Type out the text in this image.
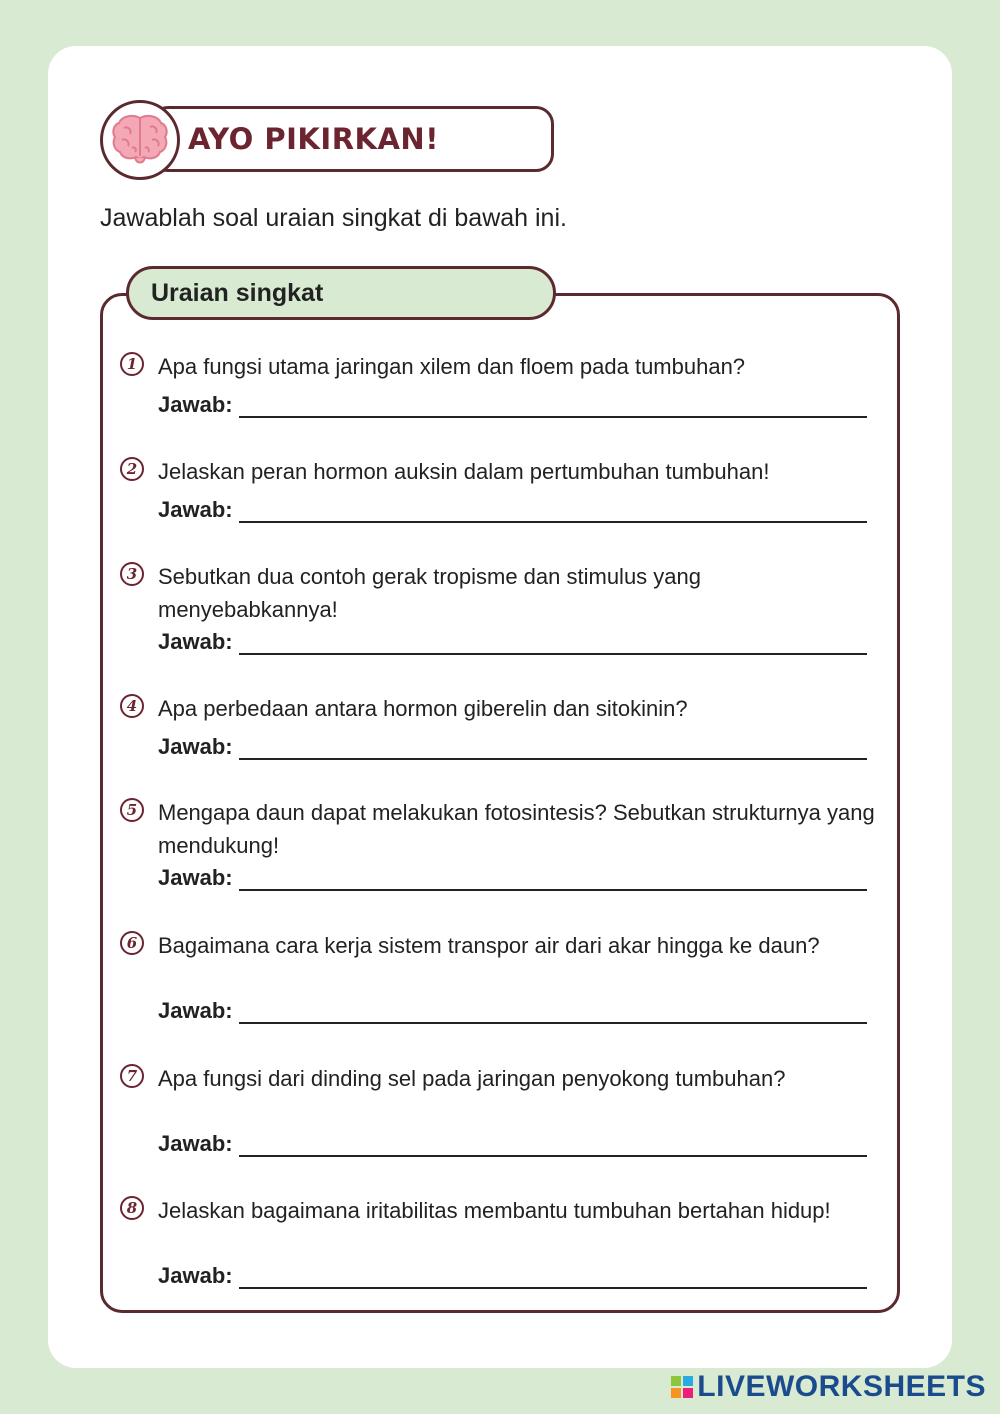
AYO PIKIRKAN!
Jawablah soal uraian singkat di bawah ini.
Uraian singkat
1 Apa fungsi utama jaringan xilem dan floem pada tumbuhan?
Jawab:
2 Jelaskan peran hormon auksin dalam pertumbuhan tumbuhan!
Jawab:
3 Sebutkan dua contoh gerak tropisme dan stimulus yang menyebabkannya!
Jawab:
4 Apa perbedaan antara hormon giberelin dan sitokinin?
Jawab:
5 Mengapa daun dapat melakukan fotosintesis? Sebutkan strukturnya yang mendukung!
Jawab:
6 Bagaimana cara kerja sistem transpor air dari akar hingga ke daun?
Jawab:
7 Apa fungsi dari dinding sel pada jaringan penyokong tumbuhan?
Jawab:
8 Jelaskan bagaimana iritabilitas membantu tumbuhan bertahan hidup!
Jawab:
LIVEWORKSHEETS
